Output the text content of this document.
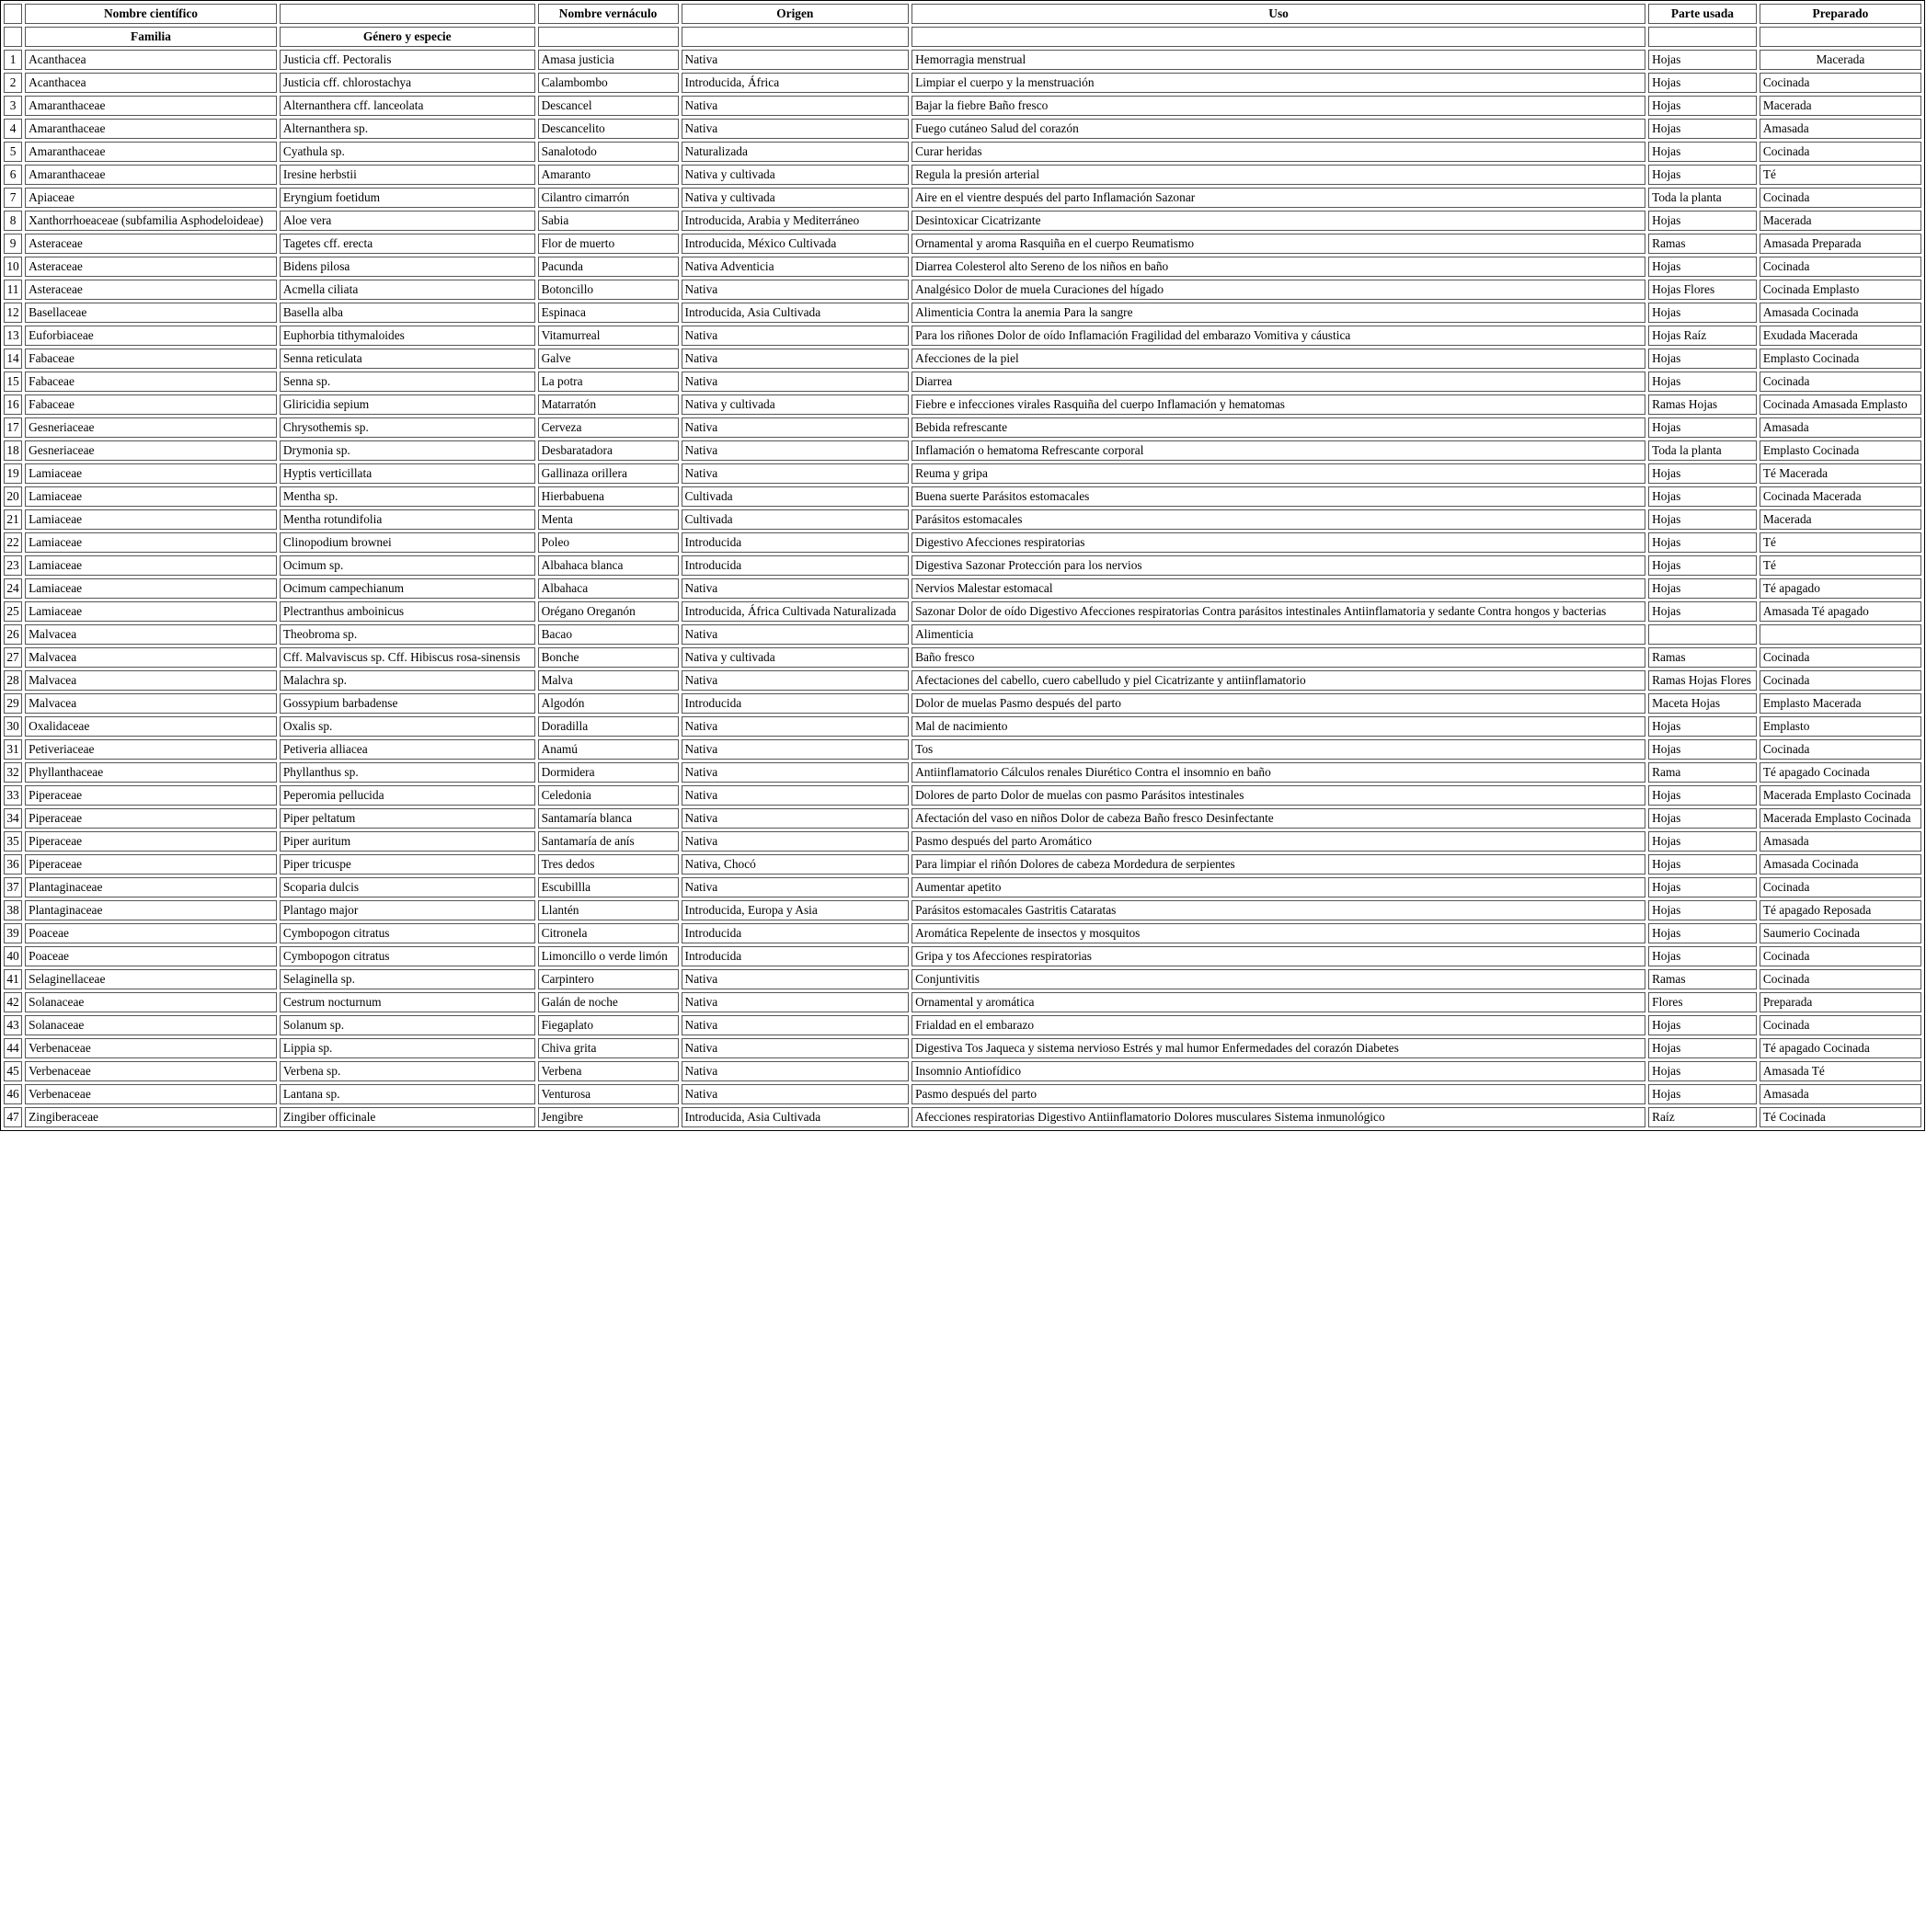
	Nombre científico		Nombre vernáculo	Origen	Uso	Parte usada	Preparado
	Familia	Género y especie					
1	Acanthacea	Justicia cff. Pectoralis	Amasa justicia	Nativa	Hemorragia menstrual	Hojas	Macerada
2	Acanthacea	Justicia cff. chlorostachya	Calambombo	Introducida, África	Limpiar el cuerpo y la menstruación	Hojas	Cocinada
3	Amaranthaceae	Alternanthera cff. lanceolata	Descancel	Nativa	Bajar la fiebre Baño fresco	Hojas	Macerada
4	Amaranthaceae	Alternanthera sp.	Descancelito	Nativa	Fuego cutáneo Salud del corazón	Hojas	Amasada
5	Amaranthaceae	Cyathula sp.	Sanalotodo	Naturalizada	Curar heridas	Hojas	Cocinada
6	Amaranthaceae	Iresine herbstii	Amaranto	Nativa y cultivada	Regula la presión arterial	Hojas	Té
7	Apiaceae	Eryngium foetidum	Cilantro cimarrón	Nativa y cultivada	Aire en el vientre después del parto Inflamación Sazonar	Toda la planta	Cocinada
8	Xanthorrhoeaceae (subfamilia Asphodeloideae)	Aloe vera	Sabia	Introducida, Arabia y Mediterráneo	Desintoxicar Cicatrizante	Hojas	Macerada
9	Asteraceae	Tagetes cff. erecta	Flor de muerto	Introducida, México Cultivada	Ornamental y aroma Rasquiña en el cuerpo Reumatismo	Ramas	Amasada Preparada
10	Asteraceae	Bidens pilosa	Pacunda	Nativa Adventicia	Diarrea Colesterol alto Sereno de los niños en baño	Hojas	Cocinada
11	Asteraceae	Acmella ciliata	Botoncillo	Nativa	Analgésico Dolor de muela Curaciones del hígado	Hojas Flores	Cocinada Emplasto
12	Basellaceae	Basella alba	Espinaca	Introducida, Asia Cultivada	Alimenticia Contra la anemia Para la sangre	Hojas	Amasada Cocinada
13	Euforbiaceae	Euphorbia tithymaloides	Vitamurreal	Nativa	Para los riñones Dolor de oído Inflamación Fragilidad del embarazo Vomitiva y cáustica	Hojas Raíz	Exudada Macerada
14	Fabaceae	Senna reticulata	Galve	Nativa	Afecciones de la piel	Hojas	Emplasto Cocinada
15	Fabaceae	Senna sp.	La potra	Nativa	Diarrea	Hojas	Cocinada
16	Fabaceae	Gliricidia sepium	Matarratón	Nativa y cultivada	Fiebre e infecciones virales Rasquiña del cuerpo Inflamación y hematomas	Ramas Hojas	Cocinada Amasada Emplasto
17	Gesneriaceae	Chrysothemis sp.	Cerveza	Nativa	Bebida refrescante	Hojas	Amasada
18	Gesneriaceae	Drymonia sp.	Desbaratadora	Nativa	Inflamación o hematoma Refrescante corporal	Toda la planta	Emplasto Cocinada
19	Lamiaceae	Hyptis verticillata	Gallinaza orillera	Nativa	Reuma y gripa	Hojas	Té Macerada
20	Lamiaceae	Mentha sp.	Hierbabuena	Cultivada	Buena suerte Parásitos estomacales	Hojas	Cocinada Macerada
21	Lamiaceae	Mentha rotundifolia	Menta	Cultivada	Parásitos estomacales	Hojas	Macerada
22	Lamiaceae	Clinopodium brownei	Poleo	Introducida	Digestivo Afecciones respiratorias	Hojas	Té
23	Lamiaceae	Ocimum sp.	Albahaca blanca	Introducida	Digestiva Sazonar Protección para los nervios	Hojas	Té
24	Lamiaceae	Ocimum campechianum	Albahaca	Nativa	Nervios Malestar estomacal	Hojas	Té apagado
25	Lamiaceae	Plectranthus amboinicus	Orégano Oreganón	Introducida, África Cultivada Naturalizada	Sazonar Dolor de oído Digestivo Afecciones respiratorias Contra parásitos intestinales Antiinflamatoria y sedante Contra hongos y bacterias	Hojas	Amasada Té apagado
26	Malvacea	Theobroma sp.	Bacao	Nativa	Alimenticia		
27	Malvacea	Cff. Malvaviscus sp. Cff. Hibiscus rosa-sinensis	Bonche	Nativa y cultivada	Baño fresco	Ramas	Cocinada
28	Malvacea	Malachra sp.	Malva	Nativa	Afectaciones del cabello, cuero cabelludo y piel Cicatrizante y antiinflamatorio	Ramas Hojas Flores	Cocinada
29	Malvacea	Gossypium barbadense	Algodón	Introducida	Dolor de muelas Pasmo después del parto	Maceta Hojas	Emplasto Macerada
30	Oxalidaceae	Oxalis sp.	Doradilla	Nativa	Mal de nacimiento	Hojas	Emplasto
31	Petiveriaceae	Petiveria alliacea	Anamú	Nativa	Tos	Hojas	Cocinada
32	Phyllanthaceae	Phyllanthus sp.	Dormidera	Nativa	Antiinflamatorio Cálculos renales Diurético Contra el insomnio en baño	Rama	Té apagado Cocinada
33	Piperaceae	Peperomia pellucida	Celedonia	Nativa	Dolores de parto Dolor de muelas con pasmo Parásitos intestinales	Hojas	Macerada Emplasto Cocinada
34	Piperaceae	Piper peltatum	Santamaría blanca	Nativa	Afectación del vaso en niños Dolor de cabeza Baño fresco Desinfectante	Hojas	Macerada Emplasto Cocinada
35	Piperaceae	Piper auritum	Santamaría de anís	Nativa	Pasmo después del parto Aromático	Hojas	Amasada
36	Piperaceae	Piper tricuspe	Tres dedos	Nativa, Chocó	Para limpiar el riñón Dolores de cabeza Mordedura de serpientes	Hojas	Amasada Cocinada
37	Plantaginaceae	Scoparia dulcis	Escubillla	Nativa	Aumentar apetito	Hojas	Cocinada
38	Plantaginaceae	Plantago major	Llantén	Introducida, Europa y Asia	Parásitos estomacales Gastritis Cataratas	Hojas	Té apagado Reposada
39	Poaceae	Cymbopogon citratus	Citronela	Introducida	Aromática Repelente de insectos y mosquitos	Hojas	Saumerio Cocinada
40	Poaceae	Cymbopogon citratus	Limoncillo o verde limón	Introducida	Gripa y tos Afecciones respiratorias	Hojas	Cocinada
41	Selaginellaceae	Selaginella sp.	Carpintero	Nativa	Conjuntivitis	Ramas	Cocinada
42	Solanaceae	Cestrum nocturnum	Galán de noche	Nativa	Ornamental y aromática	Flores	Preparada
43	Solanaceae	Solanum sp.	Fiegaplato	Nativa	Frialdad en el embarazo	Hojas	Cocinada
44	Verbenaceae	Lippia sp.	Chiva grita	Nativa	Digestiva Tos Jaqueca y sistema nervioso Estrés y mal humor Enfermedades del corazón Diabetes	Hojas	Té apagado Cocinada
45	Verbenaceae	Verbena sp.	Verbena	Nativa	Insomnio Antiofídico	Hojas	Amasada Té
46	Verbenaceae	Lantana sp.	Venturosa	Nativa	Pasmo después del parto	Hojas	Amasada
47	Zingiberaceae	Zingiber officinale	Jengibre	Introducida, Asia Cultivada	Afecciones respiratorias Digestivo Antiinflamatorio Dolores musculares Sistema inmunológico	Raíz	Té Cocinada
